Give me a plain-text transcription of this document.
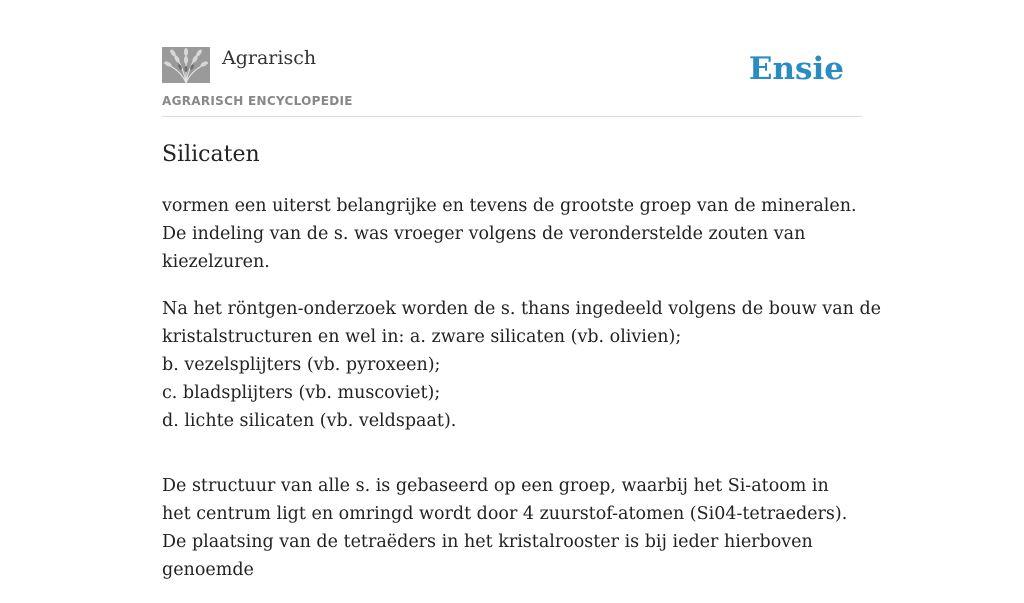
Agrarisch
AGRARISCH ENCYCLOPEDIE
Ensie
Silicaten

vormen een uiterst belangrijke en tevens de grootste groep van de mineralen. De indeling van de s. was vroeger volgens de veronderstelde zouten van kiezelzuren.

Na het röntgen-onderzoek worden de s. thans ingedeeld volgens de bouw van de
kristalstructuren en wel in: a. zware silicaten (vb. olivien);
b. vezelsplijters (vb. pyroxeen);
c. bladsplijters (vb. muscoviet);
d. lichte silicaten (vb. veldspaat).

De structuur van alle s. is gebaseerd op een groep, waarbij het Si-atoom in het centrum ligt en omringd wordt door 4 zuurstof-atomen (Si04-tetraeders). De plaatsing van de tetraëders in het kristalrooster is bij ieder hierboven genoemde
